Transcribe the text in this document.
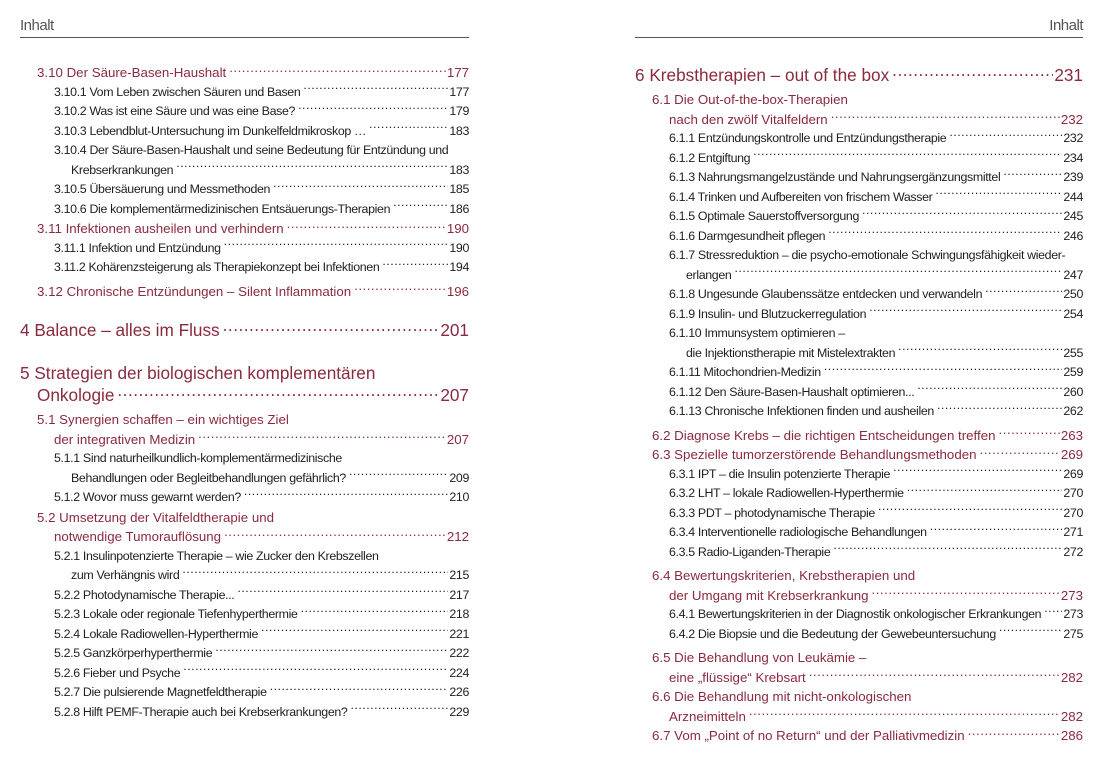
Inhalt
3.10 Der Säure-Basen-Haushalt .....	177
3.10.1 Vom Leben zwischen Säuren und Basen .....	177
3.10.2 Was ist eine Säure und was eine Base? .....	179
3.10.3 Lebendblut-Untersuchung im Dunkelfeldmikroskop … .....	183
3.10.4 Der Säure-Basen-Haushalt und seine Bedeutung für Entzündung und
Krebserkrankungen .....	183
3.10.5 Übersäuerung und Messmethoden .....	185
3.10.6 Die komplementärmedizinischen Entsäuerungs-Therapien .....	186
3.11 Infektionen ausheilen und verhindern .....	190
3.11.1 Infektion und Entzündung .....	190
3.11.2 Kohärenzsteigerung als Therapiekonzept bei Infektionen .....	194
3.12 Chronische Entzündungen – Silent Inflammation .....	196
4 Balance – alles im Fluss .....	201
5 Strategien der biologischen komplementären
Onkologie .....	207
5.1 Synergien schaffen – ein wichtiges Ziel
der integrativen Medizin .....	207
5.1.1 Sind naturheilkundlich-komplementärmedizinische
Behandlungen oder Begleitbehandlungen gefährlich? .....	209
5.1.2 Wovor muss gewarnt werden? .....	210
5.2 Umsetzung der Vitalfeldtherapie und
notwendige Tumorauflösung .....	212
5.2.1 Insulinpotenzierte Therapie – wie Zucker den Krebszellen
zum Verhängnis wird .....	215
5.2.2 Photodynamische Therapie... .....	217
5.2.3 Lokale oder regionale Tiefenhyperthermie .....	218
5.2.4 Lokale Radiowellen-Hyperthermie .....	221
5.2.5 Ganzkörperhyperthermie .....	222
5.2.6 Fieber und Psyche .....	224
5.2.7 Die pulsierende Magnetfeldtherapie .....	226
5.2.8 Hilft PEMF-Therapie auch bei Krebserkrankungen? .....	229
Inhalt
6 Krebstherapien – out of the box .....	231
6.1 Die Out-of-the-box-Therapien
nach den zwölf Vitalfeldern .....	232
6.1.1 Entzündungskontrolle und Entzündungstherapie .....	232
6.1.2 Entgiftung .....	234
6.1.3 Nahrungsmangelzustände und Nahrungsergänzungsmittel .....	239
6.1.4 Trinken und Aufbereiten von frischem Wasser .....	244
6.1.5 Optimale Sauerstoffversorgung .....	245
6.1.6 Darmgesundheit pflegen .....	246
6.1.7 Stressreduktion – die psycho-emotionale Schwingungsfähigkeit wieder-
erlangen .....	247
6.1.8 Ungesunde Glaubenssätze entdecken und verwandeln .....	250
6.1.9 Insulin- und Blutzuckerregulation .....	254
6.1.10 Immunsystem optimieren –
die Injektionstherapie mit Mistelextrakten .....	255
6.1.11 Mitochondrien-Medizin .....	259
6.1.12 Den Säure-Basen-Haushalt optimieren... .....	260
6.1.13 Chronische Infektionen finden und ausheilen .....	262
6.2 Diagnose Krebs – die richtigen Entscheidungen treffen .....	263
6.3 Spezielle tumorzerstörende Behandlungsmethoden .....	269
6.3.1 IPT – die Insulin potenzierte Therapie .....	269
6.3.2 LHT – lokale Radiowellen-Hyperthermie .....	270
6.3.3 PDT – photodynamische Therapie .....	270
6.3.4 Interventionelle radiologische Behandlungen .....	271
6.3.5 Radio-Liganden-Therapie .....	272
6.4 Bewertungskriterien, Krebstherapien und
der Umgang mit Krebserkrankung .....	273
6.4.1 Bewertungskriterien in der Diagnostik onkologischer Erkrankungen ..... 273
6.4.2 Die Biopsie und die Bedeutung der Gewebeuntersuchung .....	275
6.5 Die Behandlung von Leukämie –
eine „flüssige“ Krebsart .....	282
6.6 Die Behandlung mit nicht-onkologischen
Arzneimitteln .....	282
6.7 Vom „Point of no Return“ und der Palliativmedizin .....	286
